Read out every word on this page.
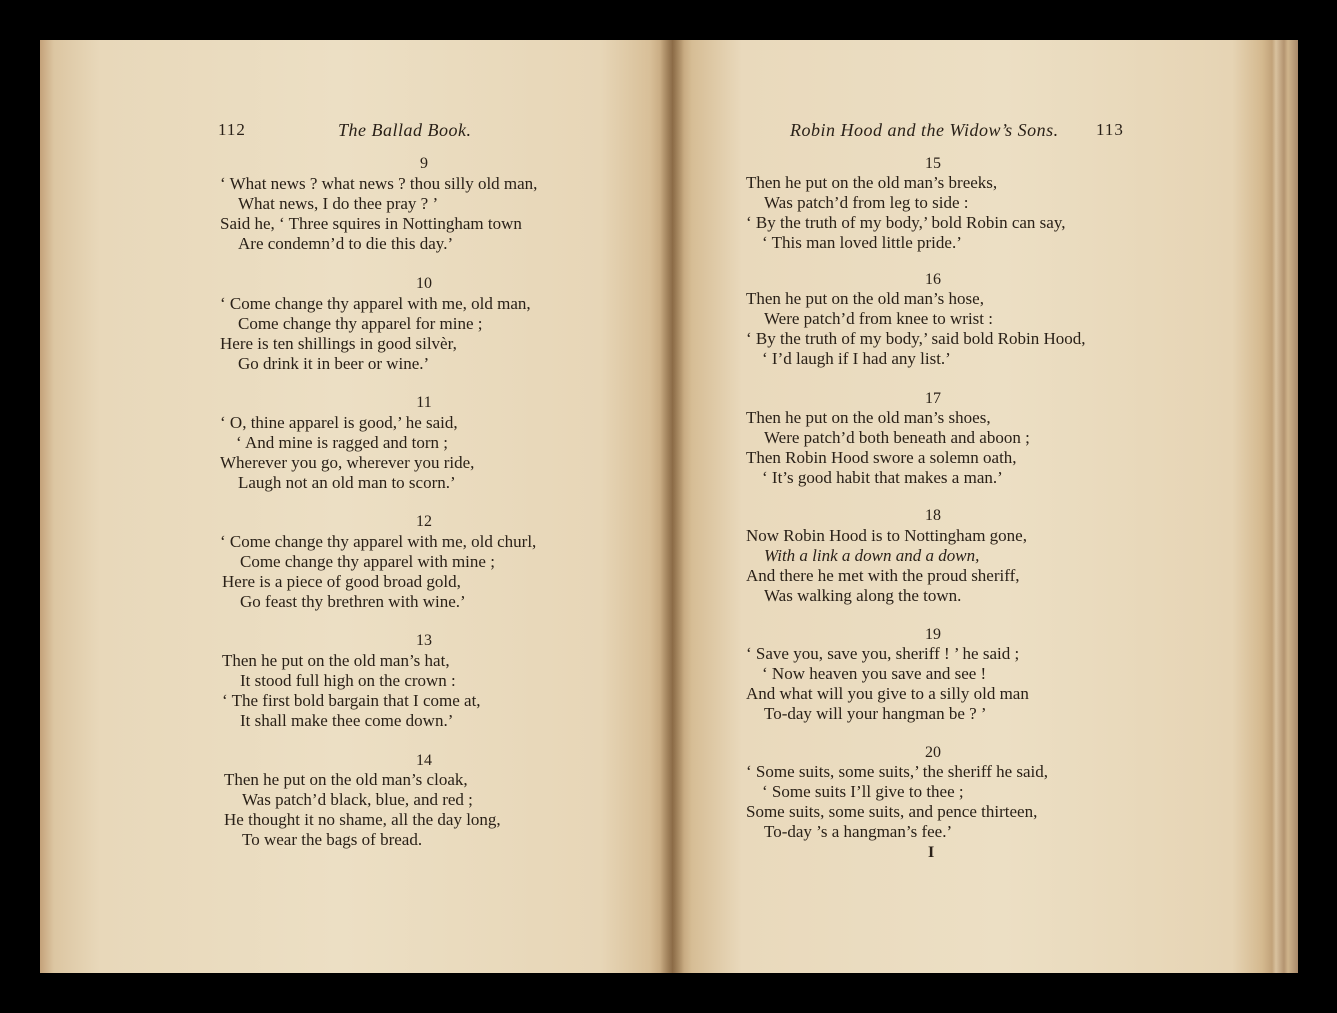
112	The Ballad Book.
9
‘ What news ? what news ? thou silly old man,
What news, I do thee pray ? ’
Said he, ‘ Three squires in Nottingham town
Are condemn’d to die this day.’
10
‘ Come change thy apparel with me, old man,
Come change thy apparel for mine ;
Here is ten shillings in good silvèr,
Go drink it in beer or wine.’
11
‘ O, thine apparel is good,’ he said,
‘ And mine is ragged and torn ;
Wherever you go, wherever you ride,
Laugh not an old man to scorn.’
12
‘ Come change thy apparel with me, old churl,
Come change thy apparel with mine ;
Here is a piece of good broad gold,
Go feast thy brethren with wine.’
13
Then he put on the old man’s hat,
It stood full high on the crown :
‘ The first bold bargain that I come at,
It shall make thee come down.’
14
Then he put on the old man’s cloak,
Was patch’d black, blue, and red ;
He thought it no shame, all the day long,
To wear the bags of bread.
Robin Hood and the Widow’s Sons. 113
15
Then he put on the old man’s breeks,
Was patch’d from leg to side :
‘ By the truth of my body,’ bold Robin can say,
‘ This man loved little pride.’
16
Then he put on the old man’s hose,
Were patch’d from knee to wrist :
‘ By the truth of my body,’ said bold Robin Hood,
‘ I’d laugh if I had any list.’
17
Then he put on the old man’s shoes,
Were patch’d both beneath and aboon ;
Then Robin Hood swore a solemn oath,
‘ It’s good habit that makes a man.’
18
Now Robin Hood is to Nottingham gone,
With a link a down and a down,
And there he met with the proud sheriff,
Was walking along the town.
19
‘ Save you, save you, sheriff ! ’ he said ;
‘ Now heaven you save and see !
And what will you give to a silly old man
To-day will your hangman be ? ’
20
‘ Some suits, some suits,’ the sheriff he said,
‘ Some suits I’ll give to thee ;
Some suits, some suits, and pence thirteen,
To-day ’s a hangman’s fee.’
I
